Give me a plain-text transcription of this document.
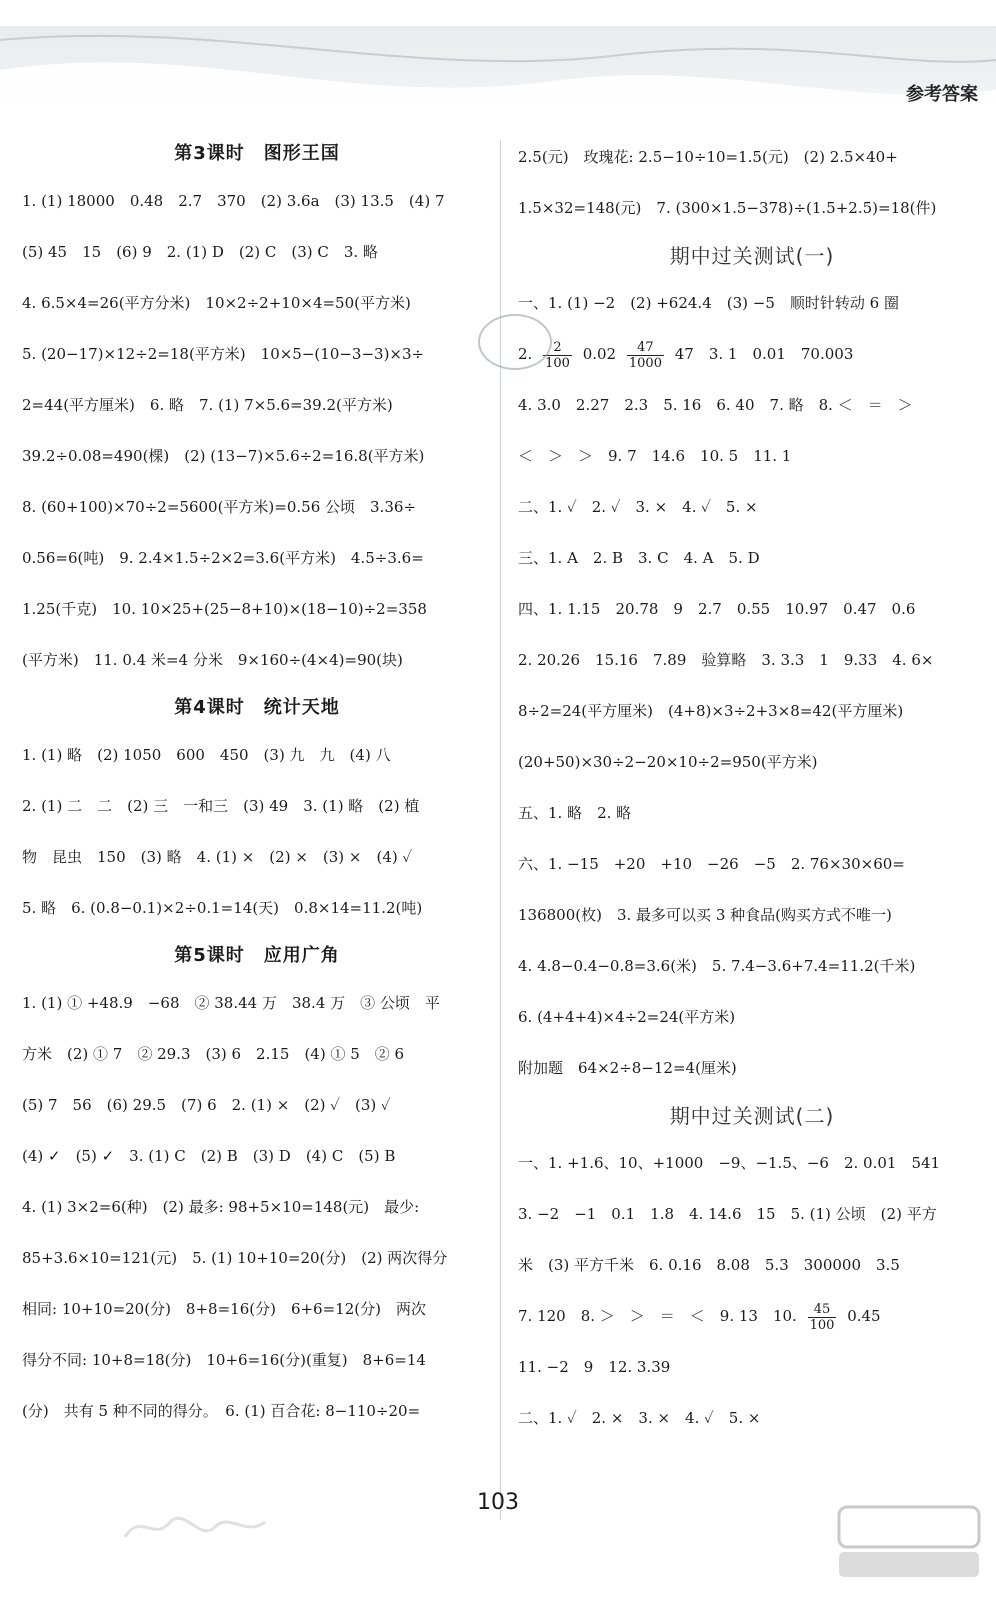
参考答案
第3课时　图形王国

1. (1) 18000　0.48　2.7　370　(2) 3.6a　(3) 13.5　(4) 7

(5) 45　15　(6) 9　2. (1) D　(2) C　(3) C　3. 略

4. 6.5×4=26(平方分米)　10×2÷2+10×4=50(平方米)

5. (20−17)×12÷2=18(平方米)　10×5−(10−3−3)×3÷

2=44(平方厘米)　6. 略　7. (1) 7×5.6=39.2(平方米)

39.2÷0.08=490(棵)　(2) (13−7)×5.6÷2=16.8(平方米)

8. (60+100)×70÷2=5600(平方米)=0.56 公顷　3.36÷

0.56=6(吨)　9. 2.4×1.5÷2×2=3.6(平方米)　4.5÷3.6=

1.25(千克)　10. 10×25+(25−8+10)×(18−10)÷2=358

(平方米)　11. 0.4 米=4 分米　9×160÷(4×4)=90(块)

第4课时　统计天地

1. (1) 略　(2) 1050　600　450　(3) 九　九　(4) 八

2. (1) 二　二　(2) 三　一和三　(3) 49　3. (1) 略　(2) 植

物　昆虫　150　(3) 略　4. (1) ×　(2) ×　(3) ×　(4) ✓

5. 略　6. (0.8−0.1)×2÷0.1=14(天)　0.8×14=11.2(吨)

第5课时　应用广角

1. (1) ① +48.9　−68　② 38.44 万　38.4 万　③ 公顷　平

方米　(2) ① 7　② 29.3　(3) 6　2.15　(4) ① 5　② 6

(5) 7　56　(6) 29.5　(7) 6　2. (1) ×　(2) ✓　(3) ✓

(4) ✓　(5) ✓　3. (1) C　(2) B　(3) D　(4) C　(5) B

4. (1) 3×2=6(种)　(2) 最多: 98+5×10=148(元)　最少:

85+3.6×10=121(元)　5. (1) 10+10=20(分)　(2) 两次得分

相同: 10+10=20(分)　8+8=16(分)　6+6=12(分)　两次

得分不同: 10+8=18(分)　10+6=16(分)(重复)　8+6=14

(分)　共有 5 种不同的得分。　6. (1) 百合花: 8−110÷20=

2.5(元)　玫瑰花: 2.5−10÷10=1.5(元)　(2) 2.5×40+

1.5×32=148(元)　7. (300×1.5−378)÷(1.5+2.5)=18(件)

期中过关测试(一)

一、1. (1) −2　(2) +624.4　(3) −5　顺时针转动 6 圈

2. $\frac{2}{100} 0.02 \frac{47}{1000} 47$　3. 1　0.01　70.003

4. 3.0　2.27　2.3　5. 16　6. 40　7. 略　8. ＜　＝　＞

＜　＞　＞　9. 7　14.6　10. 5　11. 1

二、1. ✓　2. ✓　3. ×　4. ✓　5. ×

三、1. A　2. B　3. C　4. A　5. D

四、1. 1.15　20.78　9　2.7　0.55　10.97　0.47　0.6

2. 20.26　15.16　7.89　验算略　3. 3.3　1　9.33　4. 6×

8÷2=24(平方厘米)　(4+8)×3÷2+3×8=42(平方厘米)

(20+50)×30÷2−20×10÷2=950(平方米)

五、1. 略　2. 略

六、1. −15　+20　+10　−26　−5　2. 76×30×60=

136800(枚)　3. 最多可以买 3 种食品(购买方式不唯一)

4. 4.8−0.4−0.8=3.6(米)　5. 7.4−3.6+7.4=11.2(千米)

6. (4+4+4)×4÷2=24(平方米)

附加题　64×2÷8−12=4(厘米)

期中过关测试(二)

一、1. +1.6、10、+1000　−9、−1.5、−6　2. 0.01　541

3. −2　−1　0.1　1.8　4. 14.6　15　5. (1) 公顷　(2) 平方

米　(3) 平方千米　6. 0.16　8.08　5.3　300000　3.5

7. 120　8. ＞　＞　＝　＜　9. 13　10. $\frac{45}{100} 0.45$

11. −2　9　12. 3.39

二、1. ✓　2. ×　3. ×　4. ✓　5. ×

103
